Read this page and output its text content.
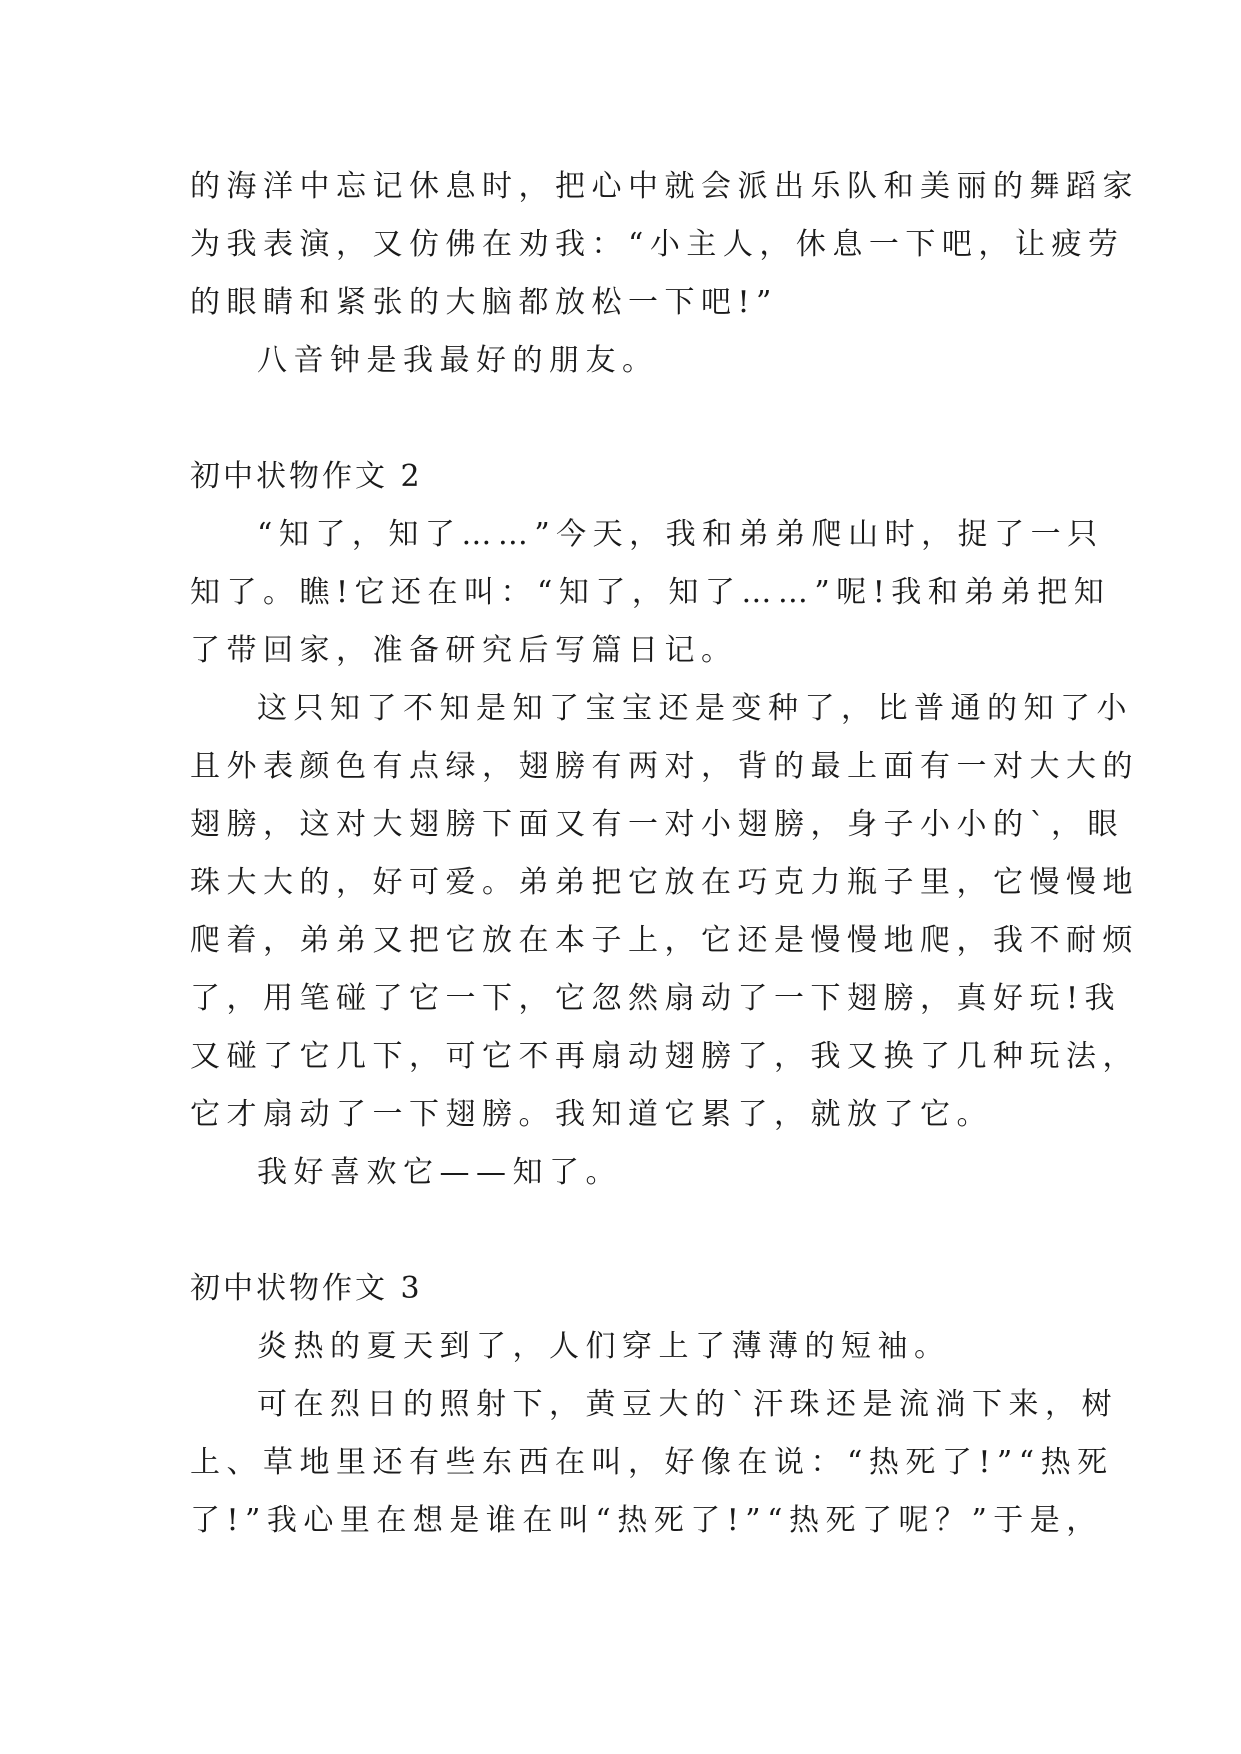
的海洋中忘记休息时，把心中就会派出乐队和美丽的舞蹈家
为我表演，又仿佛在劝我：“小主人，休息一下吧，让疲劳
的眼睛和紧张的大脑都放松一下吧!”
八音钟是我最好的朋友。
初中状物作文 2
“知了，知了……”今天，我和弟弟爬山时，捉了一只
知了。瞧!它还在叫：“知了，知了……”呢!我和弟弟把知
了带回家，准备研究后写篇日记。
这只知了不知是知了宝宝还是变种了，比普通的知了小
且外表颜色有点绿，翅膀有两对，背的最上面有一对大大的
翅膀，这对大翅膀下面又有一对小翅膀，身子小小的`，眼
珠大大的，好可爱。弟弟把它放在巧克力瓶子里，它慢慢地
爬着，弟弟又把它放在本子上，它还是慢慢地爬，我不耐烦
了，用笔碰了它一下，它忽然扇动了一下翅膀，真好玩!我
又碰了它几下，可它不再扇动翅膀了，我又换了几种玩法，
它才扇动了一下翅膀。我知道它累了，就放了它。
我好喜欢它——知了。
初中状物作文 3
炎热的夏天到了，人们穿上了薄薄的短袖。
可在烈日的照射下，黄豆大的`汗珠还是流淌下来，树
上、草地里还有些东西在叫，好像在说：“热死了!”“热死
了!”我心里在想是谁在叫“热死了!”“热死了呢？”于是，
